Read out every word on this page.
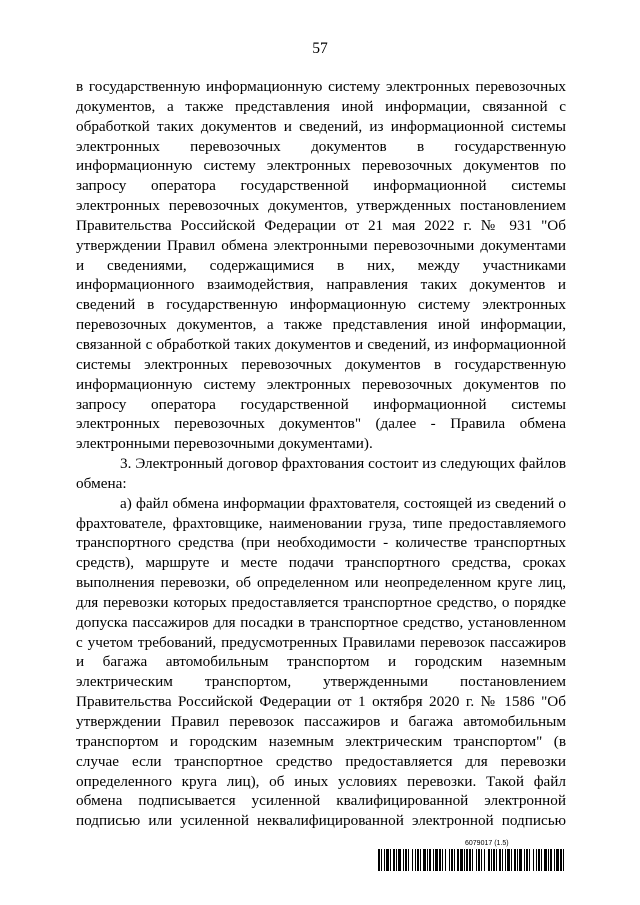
57

в государственную информационную систему электронных перевозочных документов, а также представления иной информации, связанной с обработкой таких документов и сведений, из информационной системы электронных перевозочных документов в государственную информационную систему электронных перевозочных документов по запросу оператора государственной информационной системы электронных перевозочных документов, утвержденных постановлением Правительства Российской Федерации от 21 мая 2022 г. № 931 "Об утверждении Правил обмена электронными перевозочными документами и сведениями, содержащимися в них, между участниками информационного взаимодействия, направления таких документов и сведений в государственную информационную систему электронных перевозочных документов, а также представления иной информации, связанной с обработкой таких документов и сведений, из информационной системы электронных перевозочных документов в государственную информационную систему электронных перевозочных документов по запросу оператора государственной информационной системы электронных перевозочных документов" (далее - Правила обмена электронными перевозочными документами).

3. Электронный договор фрахтования состоит из следующих файлов обмена:

а) файл обмена информации фрахтователя, состоящей из сведений о фрахтователе, фрахтовщике, наименовании груза, типе предоставляемого транспортного средства (при необходимости - количестве транспортных средств), маршруте и месте подачи транспортного средства, сроках выполнения перевозки, об определенном или неопределенном круге лиц, для перевозки которых предоставляется транспортное средство, о порядке допуска пассажиров для посадки в транспортное средство, установленном с учетом требований, предусмотренных Правилами перевозок пассажиров и багажа автомобильным транспортом и городским наземным электрическим транспортом, утвержденными постановлением Правительства Российской Федерации от 1 октября 2020 г. № 1586 "Об утверждении Правил перевозок пассажиров и багажа автомобильным транспортом и городским наземным электрическим транспортом" (в случае если транспортное средство предоставляется для перевозки определенного круга лиц), об иных условиях перевозки. Такой файл обмена подписывается усиленной квалифицированной электронной подписью или усиленной неквалифицированной электронной подписью

6079017 (1.5)
